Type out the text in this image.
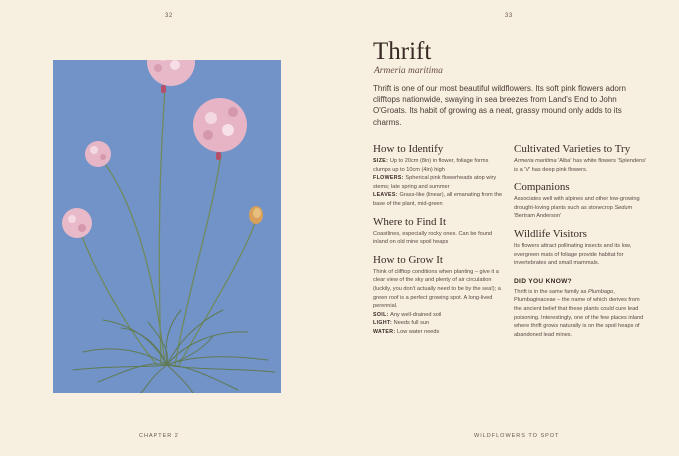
32	33
Thrift
Armeria maritima
Thrift is one of our most beautiful wildflowers. Its soft pink flowers adorn clifftops nationwide, swaying in sea breezes from Land's End to John O'Groats. Its habit of growing as a neat, grassy mound only adds to its charms.
How to Identify

SIZE: Up to 20cm (8in) in flower, foliage forms clumps up to 10cm (4in) high

FLOWERS: Spherical pink flowerheads atop wiry stems; late spring and summer

LEAVES: Grass-like (linear), all emanating from the base of the plant, mid-green

Where to Find It

Coastlines, especially rocky ones. Can be found inland on old mine spoil heaps

How to Grow It

Think of clifftop conditions when planting – give it a clear view of the sky and plenty of air circulation (luckily, you don't actually need to be by the sea!); a green roof is a perfect growing spot. A long-lived perennial.

SOIL: Any well-drained soil

LIGHT: Needs full sun

WATER: Low water needs

Cultivated Varieties to Try

Armeria maritima 'Alba' has white flowers 'Splendens' is a 'V' has deep pink flowers.

Companions

Associates well with alpines and other low-growing drought-loving plants such as stonecrop Sedum 'Bertram Anderson'

Wildlife Visitors

Its flowers attract pollinating insects and its low, evergreen mats of foliage provide habitat for invertebrates and small mammals.

DID YOU KNOW?

Thrift is in the same family as Plumbago, Plumbaginaceae – the name of which derives from the ancient belief that these plants could cure lead poisoning. Interestingly, one of the few places inland where thrift grows naturally is on the spoil heaps of abandoned lead mines.

CHAPTER 2	WILDFLOWERS TO SPOT
